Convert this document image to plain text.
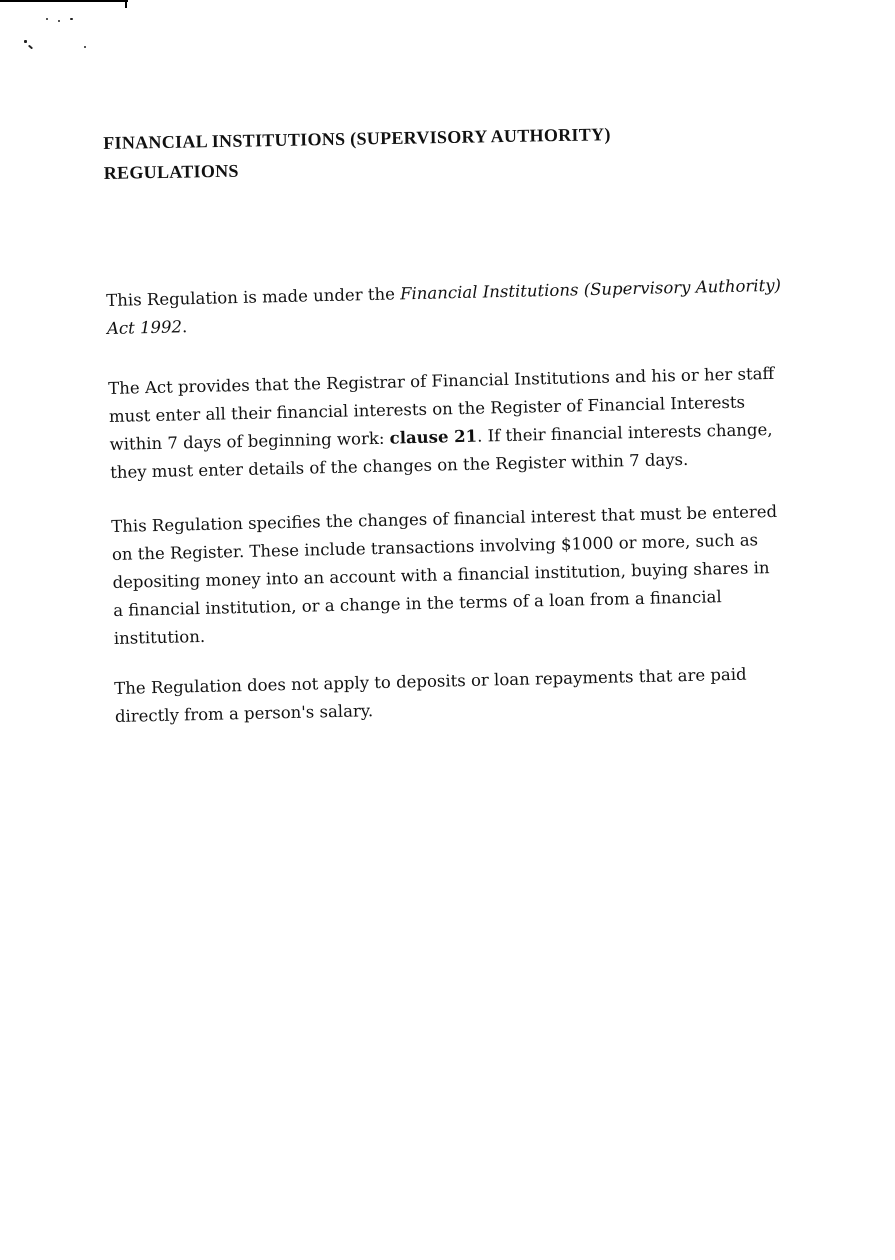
FINANCIAL INSTITUTIONS (SUPERVISORY AUTHORITY)
REGULATIONS

This Regulation is made under the Financial Institutions (Supervisory Authority)
Act 1992.

The Act provides that the Registrar of Financial Institutions and his or her staff
must enter all their financial interests on the Register of Financial Interests
within 7 days of beginning work: clause 21. If their financial interests change,
they must enter details of the changes on the Register within 7 days.

This Regulation specifies the changes of financial interest that must be entered
on the Register. These include transactions involving $1000 or more, such as
depositing money into an account with a financial institution, buying shares in
a financial institution, or a change in the terms of a loan from a financial
institution.

The Regulation does not apply to deposits or loan repayments that are paid
directly from a person's salary.
